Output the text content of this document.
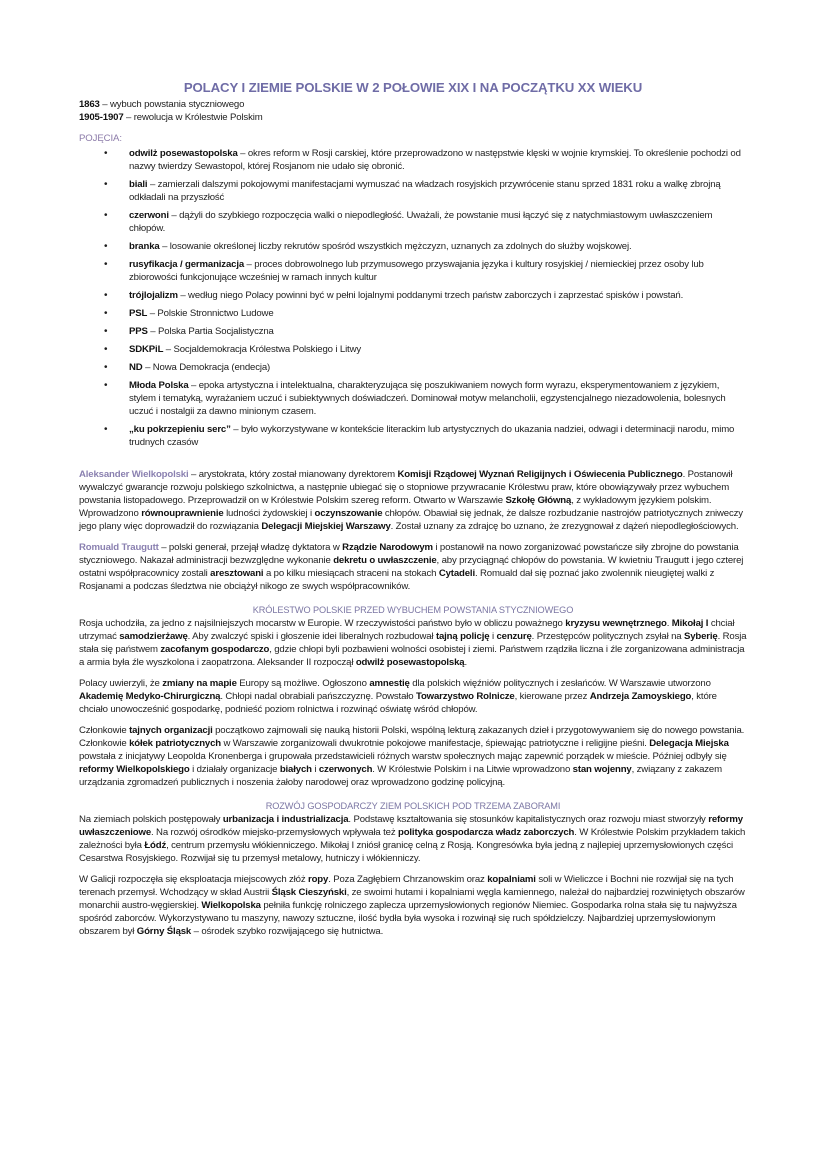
POLACY I ZIEMIE POLSKIE W 2 POŁOWIE XIX I NA POCZĄTKU XX WIEKU
1863 – wybuch powstania styczniowego
1905-1907 – rewolucja w Królestwie Polskim
POJĘCIA:
• odwilż posewastopolska – okres reform w Rosji carskiej, które przeprowadzono w następstwie klęski w wojnie krymskiej. To określenie pochodzi od nazwy twierdzy Sewastopol, której Rosjanom nie udało się obronić.
• biali – zamierzali dalszymi pokojowymi manifestacjami wymuszać na władzach rosyjskich przywrócenie stanu sprzed 1831 roku a walkę zbrojną odkładali na przyszłość
• czerwoni – dążyli do szybkiego rozpoczęcia walki o niepodległość. Uważali, że powstanie musi łączyć się z natychmiastowym uwłaszczeniem chłopów.
• branka – losowanie określonej liczby rekrutów spośród wszystkich mężczyzn, uznanych za zdolnych do służby wojskowej.
• rusyfikacja / germanizacja – proces dobrowolnego lub przymusowego przyswajania języka i kultury rosyjskiej / niemieckiej przez osoby lub zbiorowości funkcjonujące wcześniej w ramach innych kultur
• trójlojalizm – według niego Polacy powinni być w pełni lojalnymi poddanymi trzech państw zaborczych i zaprzestać spisków i powstań.
• PSL – Polskie Stronnictwo Ludowe
• PPS – Polska Partia Socjalistyczna
• SDKPiL – Socjaldemokracja Królestwa Polskiego i Litwy
• ND – Nowa Demokracja (endecja)
• Młoda Polska – epoka artystyczna i intelektualna, charakteryzująca się poszukiwaniem nowych form wyrazu, eksperymentowaniem z językiem, stylem i tematyką, wyrażaniem uczuć i subiektywnych doświadczeń. Dominował motyw melancholii, egzystencjalnego niezadowolenia, bolesnych uczuć i nostalgii za dawno minionym czasem.
• „ku pokrzepieniu serc” – było wykorzystywane w kontekście literackim lub artystycznych do ukazania nadziei, odwagi i determinacji narodu, mimo trudnych czasów

Aleksander Wielkopolski – arystokrata, który został mianowany dyrektorem Komisji Rządowej Wyznań Religijnych i Oświecenia Publicznego. Postanowił wywalczyć gwarancje rozwoju polskiego szkolnictwa, a następnie ubiegać się o stopniowe przywracanie Królestwu praw, które obowiązywały przez wybuchem powstania listopadowego. Przeprowadził on w Królestwie Polskim szereg reform. Otwarto w Warszawie Szkołę Główną, z wykładowym językiem polskim. Wprowadzono równouprawnienie ludności żydowskiej i oczynszowanie chłopów. Obawiał się jednak, że dalsze rozbudzanie nastrojów patriotycznych zniweczy jego plany więc doprowadził do rozwiązania Delegacji Miejskiej Warszawy. Został uznany za zdrajcę bo uznano, że zrezygnował z dążeń niepodległościowych.

Romuald Traugutt – polski generał, przejął władzę dyktatora w Rządzie Narodowym i postanowił na nowo zorganizować powstańcze siły zbrojne do powstania styczniowego. Nakazał administracji bezwzględne wykonanie dekretu o uwłaszczenie, aby przyciągnąć chłopów do powstania. W kwietniu Traugutt i jego czterej ostatni współpracownicy zostali aresztowani a po kilku miesiącach straceni na stokach Cytadeli. Romuald dał się poznać jako zwolennik nieugiętej walki z Rosjanami a podczas śledztwa nie obciążył nikogo ze swych współpracowników.

KRÓLESTWO POLSKIE PRZED WYBUCHEM POWSTANIA STYCZNIOWEGO

Rosja uchodziła, za jedno z najsilniejszych mocarstw w Europie. W rzeczywistości państwo było w obliczu poważnego kryzysu wewnętrznego. Mikołaj I chciał utrzymać samodzierżawę. Aby zwalczyć spiski i głoszenie idei liberalnych rozbudował tajną policję i cenzurę. Przestępców politycznych zsyłał na Syberię. Rosja stała się państwem zacofanym gospodarczo, gdzie chłopi byli pozbawieni wolności osobistej i ziemi. Państwem rządziła liczna i źle zorganizowana administracja a armia była źle wyszkolona i zaopatrzona. Aleksander II rozpoczął odwilż posewastopolską.

Polacy uwierzyli, że zmiany na mapie Europy są możliwe. Ogłoszono amnestię dla polskich więźniów politycznych i zesłańców. W Warszawie utworzono Akademię Medyko-Chirurgiczną. Chłopi nadal obrabiali pańszczyznę. Powstało Towarzystwo Rolnicze, kierowane przez Andrzeja Zamoyskiego, które chciało unowocześnić gospodarkę, podnieść poziom rolnictwa i rozwinąć oświatę wśród chłopów.

Członkowie tajnych organizacji początkowo zajmowali się nauką historii Polski, wspólną lekturą zakazanych dzieł i przygotowywaniem się do nowego powstania. Członkowie kółek patriotycznych w Warszawie zorganizowali dwukrotnie pokojowe manifestacje, śpiewając patriotyczne i religijne pieśni. Delegacja Miejska powstała z inicjatywy Leopolda Kronenberga i grupowała przedstawicieli różnych warstw społecznych mając zapewnić porządek w mieście. Później odbyły się reformy Wielkopolskiego i działały organizacje białych i czerwonych. W Królestwie Polskim i na Litwie wprowadzono stan wojenny, związany z zakazem urządzania zgromadzeń publicznych i noszenia żałoby narodowej oraz wprowadzono godzinę policyjną.

ROZWÓJ GOSPODARCZY ZIEM POLSKICH POD TRZEMA ZABORAMI

Na ziemiach polskich postępowały urbanizacja i industrializacja. Podstawę kształtowania się stosunków kapitalistycznych oraz rozwoju miast stworzyły reformy uwłaszczeniowe. Na rozwój ośrodków miejsko-przemysłowych wpływała też polityka gospodarcza władz zaborczych. W Królestwie Polskim przykładem takich zależności była Łódź, centrum przemysłu włókienniczego. Mikołaj I zniósł granicę celną z Rosją. Kongresówka była jedną z najlepiej uprzemysłowionych części Cesarstwa Rosyjskiego. Rozwijał się tu przemysł metalowy, hutniczy i włókienniczy.

W Galicji rozpoczęła się eksploatacja miejscowych złóż ropy. Poza Zagłębiem Chrzanowskim oraz kopalniami soli w Wieliczce i Bochni nie rozwijał się na tych terenach przemysł. Wchodzący w skład Austrii Śląsk Cieszyński, ze swoimi hutami i kopalniami węgla kamiennego, należał do najbardziej rozwiniętych obszarów monarchii austro-węgierskiej. Wielkopolska pełniła funkcję rolniczego zaplecza uprzemysłowionych regionów Niemiec. Gospodarka rolna stała się tu najwyższa spośród zaborców. Wykorzystywano tu maszyny, nawozy sztuczne, ilość bydła była wysoka i rozwinął się ruch spółdzielczy. Najbardziej uprzemysłowionym obszarem był Górny Śląsk – ośrodek szybko rozwijającego się hutnictwa.
